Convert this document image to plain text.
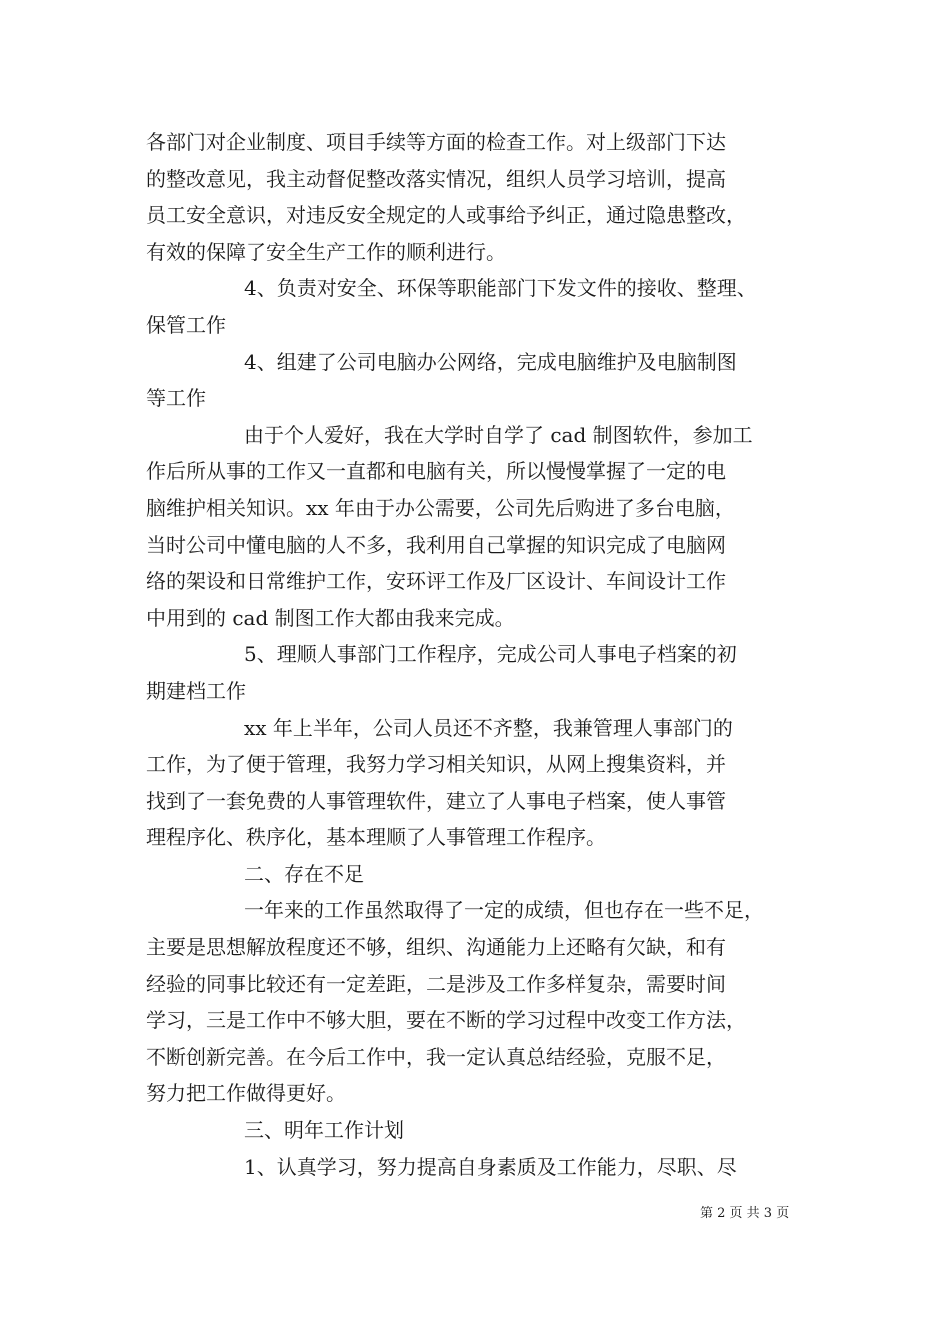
各部门对企业制度、项目手续等方面的检查工作。对上级部门下达
的整改意见，我主动督促整改落实情况，组织人员学习培训，提高
员工安全意识，对违反安全规定的人或事给予纠正，通过隐患整改，
有效的保障了安全生产工作的顺利进行。
4、负责对安全、环保等职能部门下发文件的接收、整理、
保管工作
4、组建了公司电脑办公网络，完成电脑维护及电脑制图
等工作
由于个人爱好，我在大学时自学了 cad 制图软件，参加工
作后所从事的工作又一直都和电脑有关，所以慢慢掌握了一定的电
脑维护相关知识。xx 年由于办公需要，公司先后购进了多台电脑，
当时公司中懂电脑的人不多，我利用自己掌握的知识完成了电脑网
络的架设和日常维护工作，安环评工作及厂区设计、车间设计工作
中用到的 cad 制图工作大都由我来完成。
5、理顺人事部门工作程序，完成公司人事电子档案的初
期建档工作
xx 年上半年，公司人员还不齐整，我兼管理人事部门的
工作，为了便于管理，我努力学习相关知识，从网上搜集资料，并
找到了一套免费的人事管理软件，建立了人事电子档案，使人事管
理程序化、秩序化，基本理顺了人事管理工作程序。
二、存在不足
一年来的工作虽然取得了一定的成绩，但也存在一些不足，
主要是思想解放程度还不够，组织、沟通能力上还略有欠缺，和有
经验的同事比较还有一定差距，二是涉及工作多样复杂，需要时间
学习，三是工作中不够大胆，要在不断的学习过程中改变工作方法，
不断创新完善。在今后工作中，我一定认真总结经验，克服不足，
努力把工作做得更好。
三、明年工作计划
1、认真学习，努力提高自身素质及工作能力，尽职、尽
第 2 页 共 3 页
